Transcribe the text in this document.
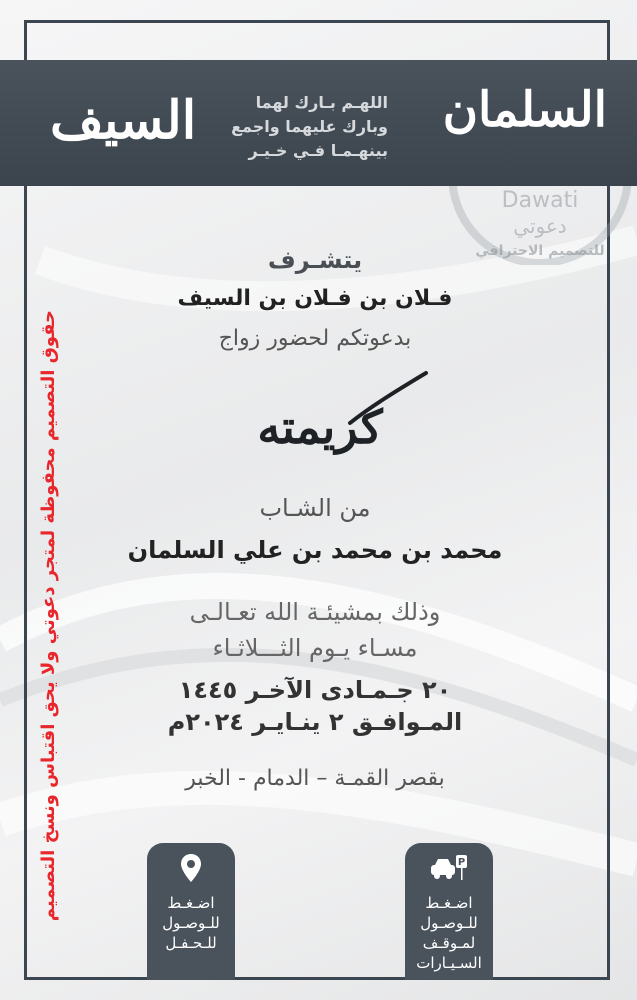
Dawati
دعوتي
للتصميم الاحترافي
السلمان
السيف	اللهـم بـارك لهما
وبارك عليهما واجمع
بينهـمـا فـي خـيـر
يتشـرف
فـلان بن فـلان بن السيف
بدعوتكم لحضور زواج
كريمته
من الشـاب
محمد بن محمد بن علي السلمان
وذلك بمشيئـة الله تعـالـى
مسـاء يـوم الثـــلاثـاء
٢٠ جـمـادى الآخـر ١٤٤٥
المـوافـق ٢ ينـايـر ٢٠٢٤م
بقصر القمـة – الدمام - الخبر
حقوق التصميم محفوظة لمتجر دعوتي ولا يحق اقتباس ونسخ التصميم	اضـغـط
للـوصـول
للـحـفـل
P
اضـغـط
للـوصـول
لمـوقـف
السـيـارات
